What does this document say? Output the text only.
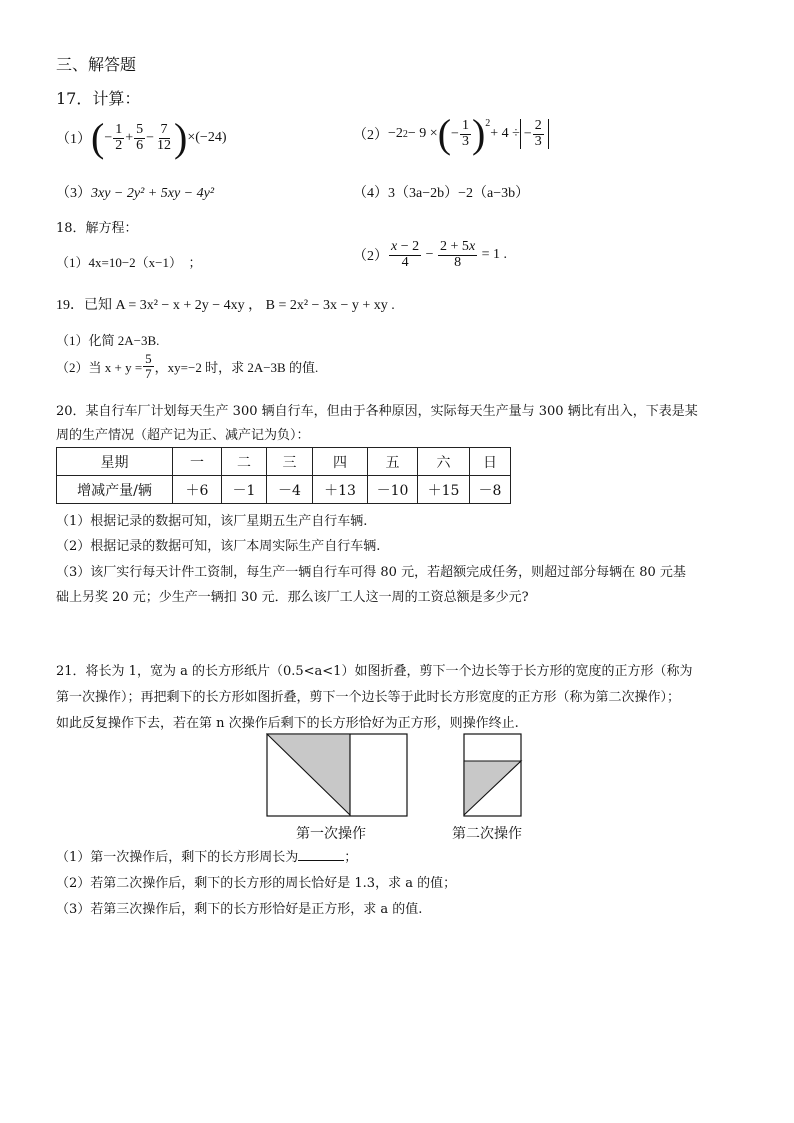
三、解答题
17．计算：
（1） ( − $\frac{1}{2} + \frac{5}{6} - \frac{7}{12}$ ) ×(−24)	（2） −2 2 − 9 × ( − $\frac{1}{3} )^2$
+ 4 ÷ − $\frac{2}{3}$
（3）3xy − 2y² + 5xy − 4y²	（4）3（3a−2b）−2（a−3b）
18．解方程：
（1）4x=10−2（x−1）　；	$(2) \frac{x - 2}{4} - \frac{2 + 5x}{8}$
= 1 .
19．已知 A = 3x² − x + 2y − 4xy ， B = 2x² − 3x − y + xy .
（1）化简 2A−3B.
（2）当 $x + y = \frac{5}{7}$ ，xy=−2 时，求 2A−3B 的值.
20．某自行车厂计划每天生产 300 辆自行车，但由于各种原因，实际每天生产量与 300 辆比有出入，下表是某
周的生产情况（超产记为正、减产记为负）：
星期	一	二	三	四	五	六	日
增减产量/辆	＋6	－1	－4	＋13	－10	＋15	－8
（1）根据记录的数据可知，该厂星期五生产自行车辆.
（2）根据记录的数据可知，该厂本周实际生产自行车辆.
（3）该厂实行每天计件工资制，每生产一辆自行车可得 80 元，若超额完成任务，则超过部分每辆在 80 元基
础上另奖 20 元；少生产一辆扣 30 元．那么该厂工人这一周的工资总额是多少元?
21．将长为 1，宽为 a 的长方形纸片（0.5<a<1）如图折叠，剪下一个边长等于长方形的宽度的正方形（称为
第一次操作）；再把剩下的长方形如图折叠，剪下一个边长等于此时长方形宽度的正方形（称为第二次操作）；
如此反复操作下去，若在第 n 次操作后剩下的长方形恰好为正方形，则操作终止.
第一次操作	第二次操作
（1）第一次操作后，剩下的长方形周长为	；
（2）若第二次操作后，剩下的长方形的周长恰好是 1.3，求 a 的值；
（3）若第三次操作后，剩下的长方形恰好是正方形，求 a 的值.
